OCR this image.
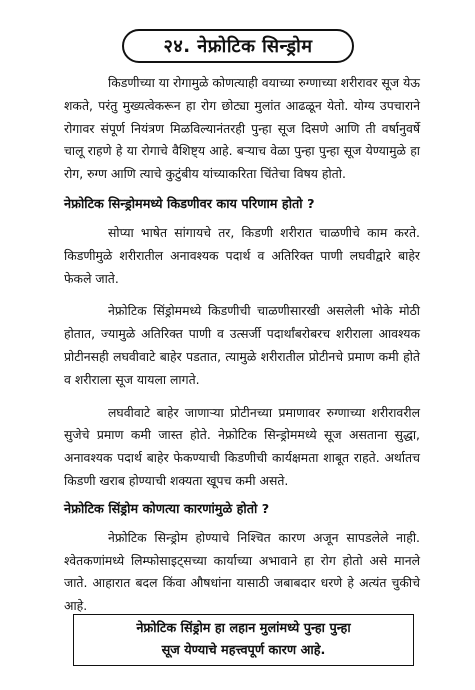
२४. नेफ्रोटिक सिन्ड्रोम

किडणीच्या या रोगामुळे कोणत्याही वयाच्या रुग्णाच्या शरीरावर सूज येऊ शकते, परंतु मुख्यत्वेकरून हा रोग छोट्या मुलांत आढळून येतो. योग्य उपचाराने रोगावर संपूर्ण नियंत्रण मिळविल्यानंतरही पुन्हा सूज दिसणे आणि ती वर्षानुवर्षे चालू राहणे हे या रोगाचे वैशिष्ट्य आहे. बऱ्याच वेळा पुन्हा पुन्हा सूज येण्यामुळे हा रोग, रुग्ण आणि त्याचे कुटुंबीय यांच्याकरिता चिंतेचा विषय होतो.

नेफ्रोटिक सिन्ड्रोममध्ये किडणीवर काय परिणाम होतो ?

सोप्या भाषेत सांगायचे तर, किडणी शरीरात चाळणीचे काम करते. किडणीमुळे शरीरातील अनावश्यक पदार्थ व अतिरिक्त पाणी लघवीद्वारे बाहेर फेकले जाते.

नेफ्रोटिक सिंड्रोममध्ये किडणीची चाळणीसारखी असलेली भोके मोठी होतात, ज्यामुळे अतिरिक्त पाणी व उत्सर्जी पदार्थांबरोबरच शरीराला आवश्यक प्रोटीनसही लघवीवाटे बाहेर पडतात, त्यामुळे शरीरातील प्रोटीनचे प्रमाण कमी होते व शरीराला सूज यायला लागते.

लघवीवाटे बाहेर जाणाऱ्या प्रोटीनच्या प्रमाणावर रुग्णाच्या शरीरावरील सुजेचे प्रमाण कमी जास्त होते. नेफ्रोटिक सिन्ड्रोममध्ये सूज असताना सुद्धा, अनावश्यक पदार्थ बाहेर फेकण्याची किडणीची कार्यक्षमता शाबूत राहते. अर्थातच किडणी खराब होण्याची शक्यता खूपच कमी असते.

नेफ्रोटिक सिंड्रोम कोणत्या कारणांमुळे होतो ?

नेफ्रोटिक सिन्ड्रोम होण्याचे निश्चित कारण अजून सापडलेले नाही. श्वेतकणांमध्ये लिम्फोसाइट्सच्या कार्याच्या अभावाने हा रोग होतो असे मानले जाते. आहारात बदल किंवा औषधांना यासाठी जबाबदार धरणे हे अत्यंत चुकीचे आहे.

नेफ्रोटिक सिंड्रोम हा लहान मुलांमध्ये पुन्हा पुन्हा
सूज येण्याचे महत्त्वपूर्ण कारण आहे.
